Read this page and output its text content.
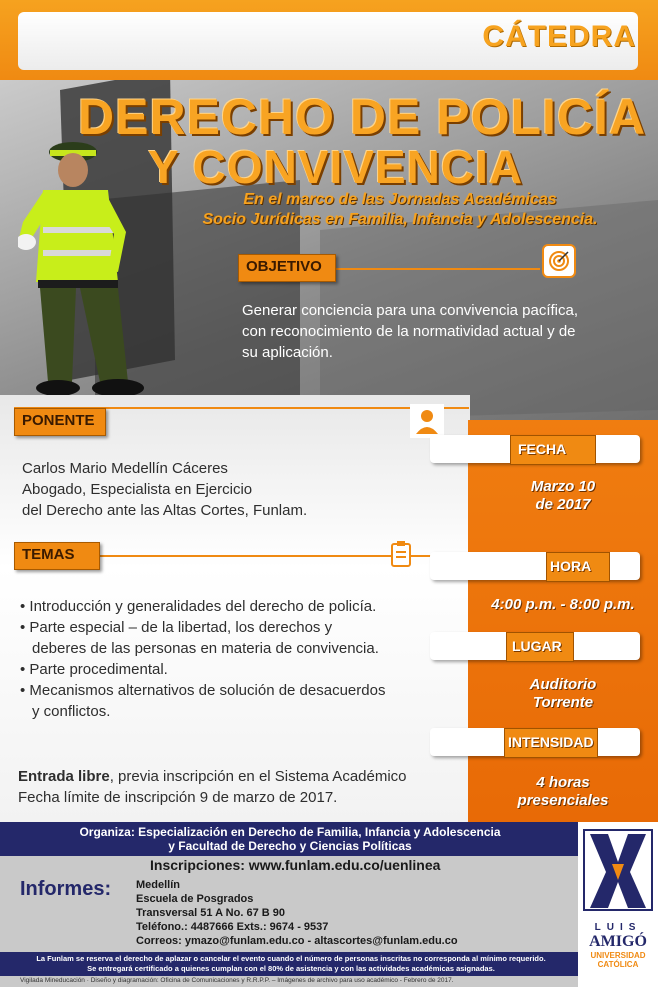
CÁTEDRA
DERECHO DE POLICÍA
Y CONVIVENCIA
En el marco de las Jornadas Académicas
Socio Jurídicas en Familia, Infancia y Adolescencia.
OBJETIVO
Generar conciencia para una convivencia pacífica,
con reconocimiento de la normatividad actual y de
su aplicación.
PONENTE
Carlos Mario Medellín Cáceres
Abogado, Especialista en Ejercicio
del Derecho ante las Altas Cortes, Funlam.
TEMAS
• Introducción y generalidades del derecho de policía.
• Parte especial – de la libertad, los derechos y
deberes de las personas en materia de convivencia.
• Parte procedimental.
• Mecanismos alternativos de solución de desacuerdos
y conflictos.
Entrada libre, previa inscripción en el Sistema Académico
Fecha límite de inscripción 9 de marzo de 2017.
FECHA
Marzo 10
de 2017
HORA
4:00 p.m. - 8:00 p.m.
LUGAR
Auditorio
Torrente
INTENSIDAD
4 horas
presenciales
Organiza: Especialización en Derecho de Familia, Infancia y Adolescencia
y Facultad de Derecho y Ciencias Políticas
Inscripciones: www.funlam.edu.co/uenlinea
Informes: Medellín
Escuela de Posgrados
Transversal 51 A No. 67 B 90
Teléfono.: 4487666 Exts.: 9674 - 9537
Correos: ymazo@funlam.edu.co - altascortes@funlam.edu.co
La Funlam se reserva el derecho de aplazar o cancelar el evento cuando el número de personas inscritas no corresponda al mínimo requerido.
Se entregará certificado a quienes cumplan con el 80% de asistencia y con las actividades académicas asignadas.
Vigilada Mineducación · Diseño y diagramación: Oficina de Comunicaciones y R.R.P.P. – Imágenes de archivo para uso académico - Febrero de 2017.
LUIS
AMIGÓ
UNIVERSIDAD
CATÓLICA
